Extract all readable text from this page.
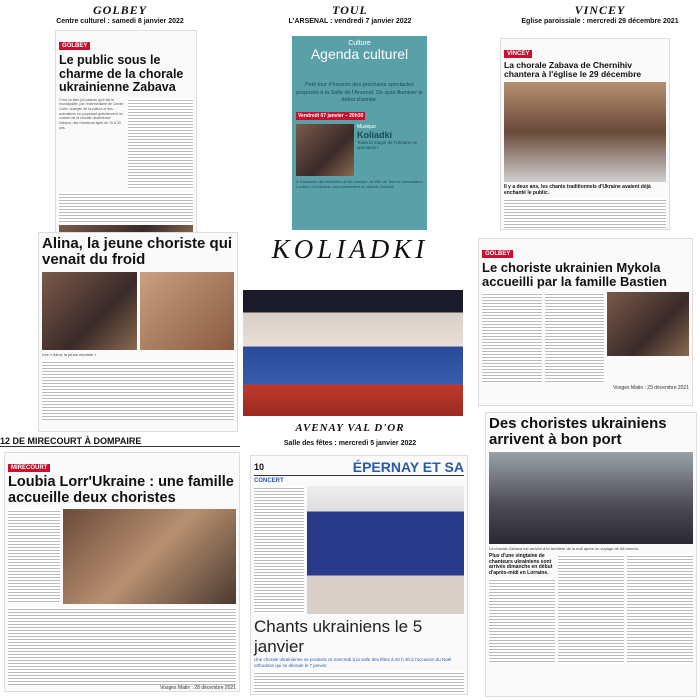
GOLBEY
Centre culturel : samedi 8 janvier 2022
GOLBEY
Le public sous le charme de la chorale ukrainienne Zabava
C'est un bien joli cadeau qu'a fait la municipalité, par l'intermédiaire de Carole Collin, chargée de la culture et des animations en proposant gratuitement un concert de la chorale ukrainienne Zabava, des chanteurs âgés de 15 à 20 ans.
TOUL
L'ARSENAL : vendredi 7 janvier 2022
Culture
Agenda culturel
Petit tour d'horizon des prochains spectacles proposés à la Salle de l'Arsenal. De quoi illuminer le début d'année.
Vendredi 07 janvier – 20h30
Musique
Koliadki
Toute la magie de l'Ukraine en spectacle !
À l'occasion des festivités de fin d'année, la Ville de Toul et l'association Loubia Lorr'Ukraine vous présentent la chorale Zabava.
VINCEY
Eglise paroissiale : mercredi 29 décembre 2021
VINCEY
La chorale Zabava de Chernihiv chantera à l'église le 29 décembre
Il y a deux ans, les chants traditionnels d'Ukraine avaient déjà enchanté le public.
Alina, la jeune choriste qui venait du froid
Lire « Alina, la jeune choriste »
KOLIADKI	GOLBEY
Le choriste ukrainien Mykola accueilli par la famille Bastien
Vosges Matin : 29 décembre 2021
12 DE MIRECOURT À DOMPAIRE
MIRECOURT
Loubia Lorr'Ukraine : une famille accueille deux choristes
Vosges Matin : 28 décembre 2021
AVENAY VAL D'OR
Salle des fêtes : mercredi 5 janvier 2022
10	ÉPERNAY ET SA
CONCERT
Chants ukrainiens le 5 janvier
Une chorale ukrainienne se produira ce mercredi à la salle des fêtes à 20 h 30 à l'occasion du Noël orthodoxe qui se déroule le 7 janvier.
Des choristes ukrainiens arrivent à bon port
La chorale Zabava est arrivée à la frontière de la nuit après un voyage de 48 heures.
Plus d'une vingtaine de chanteurs ukrainiens sont arrivés dimanche en début d'après-midi en Lorraine.
